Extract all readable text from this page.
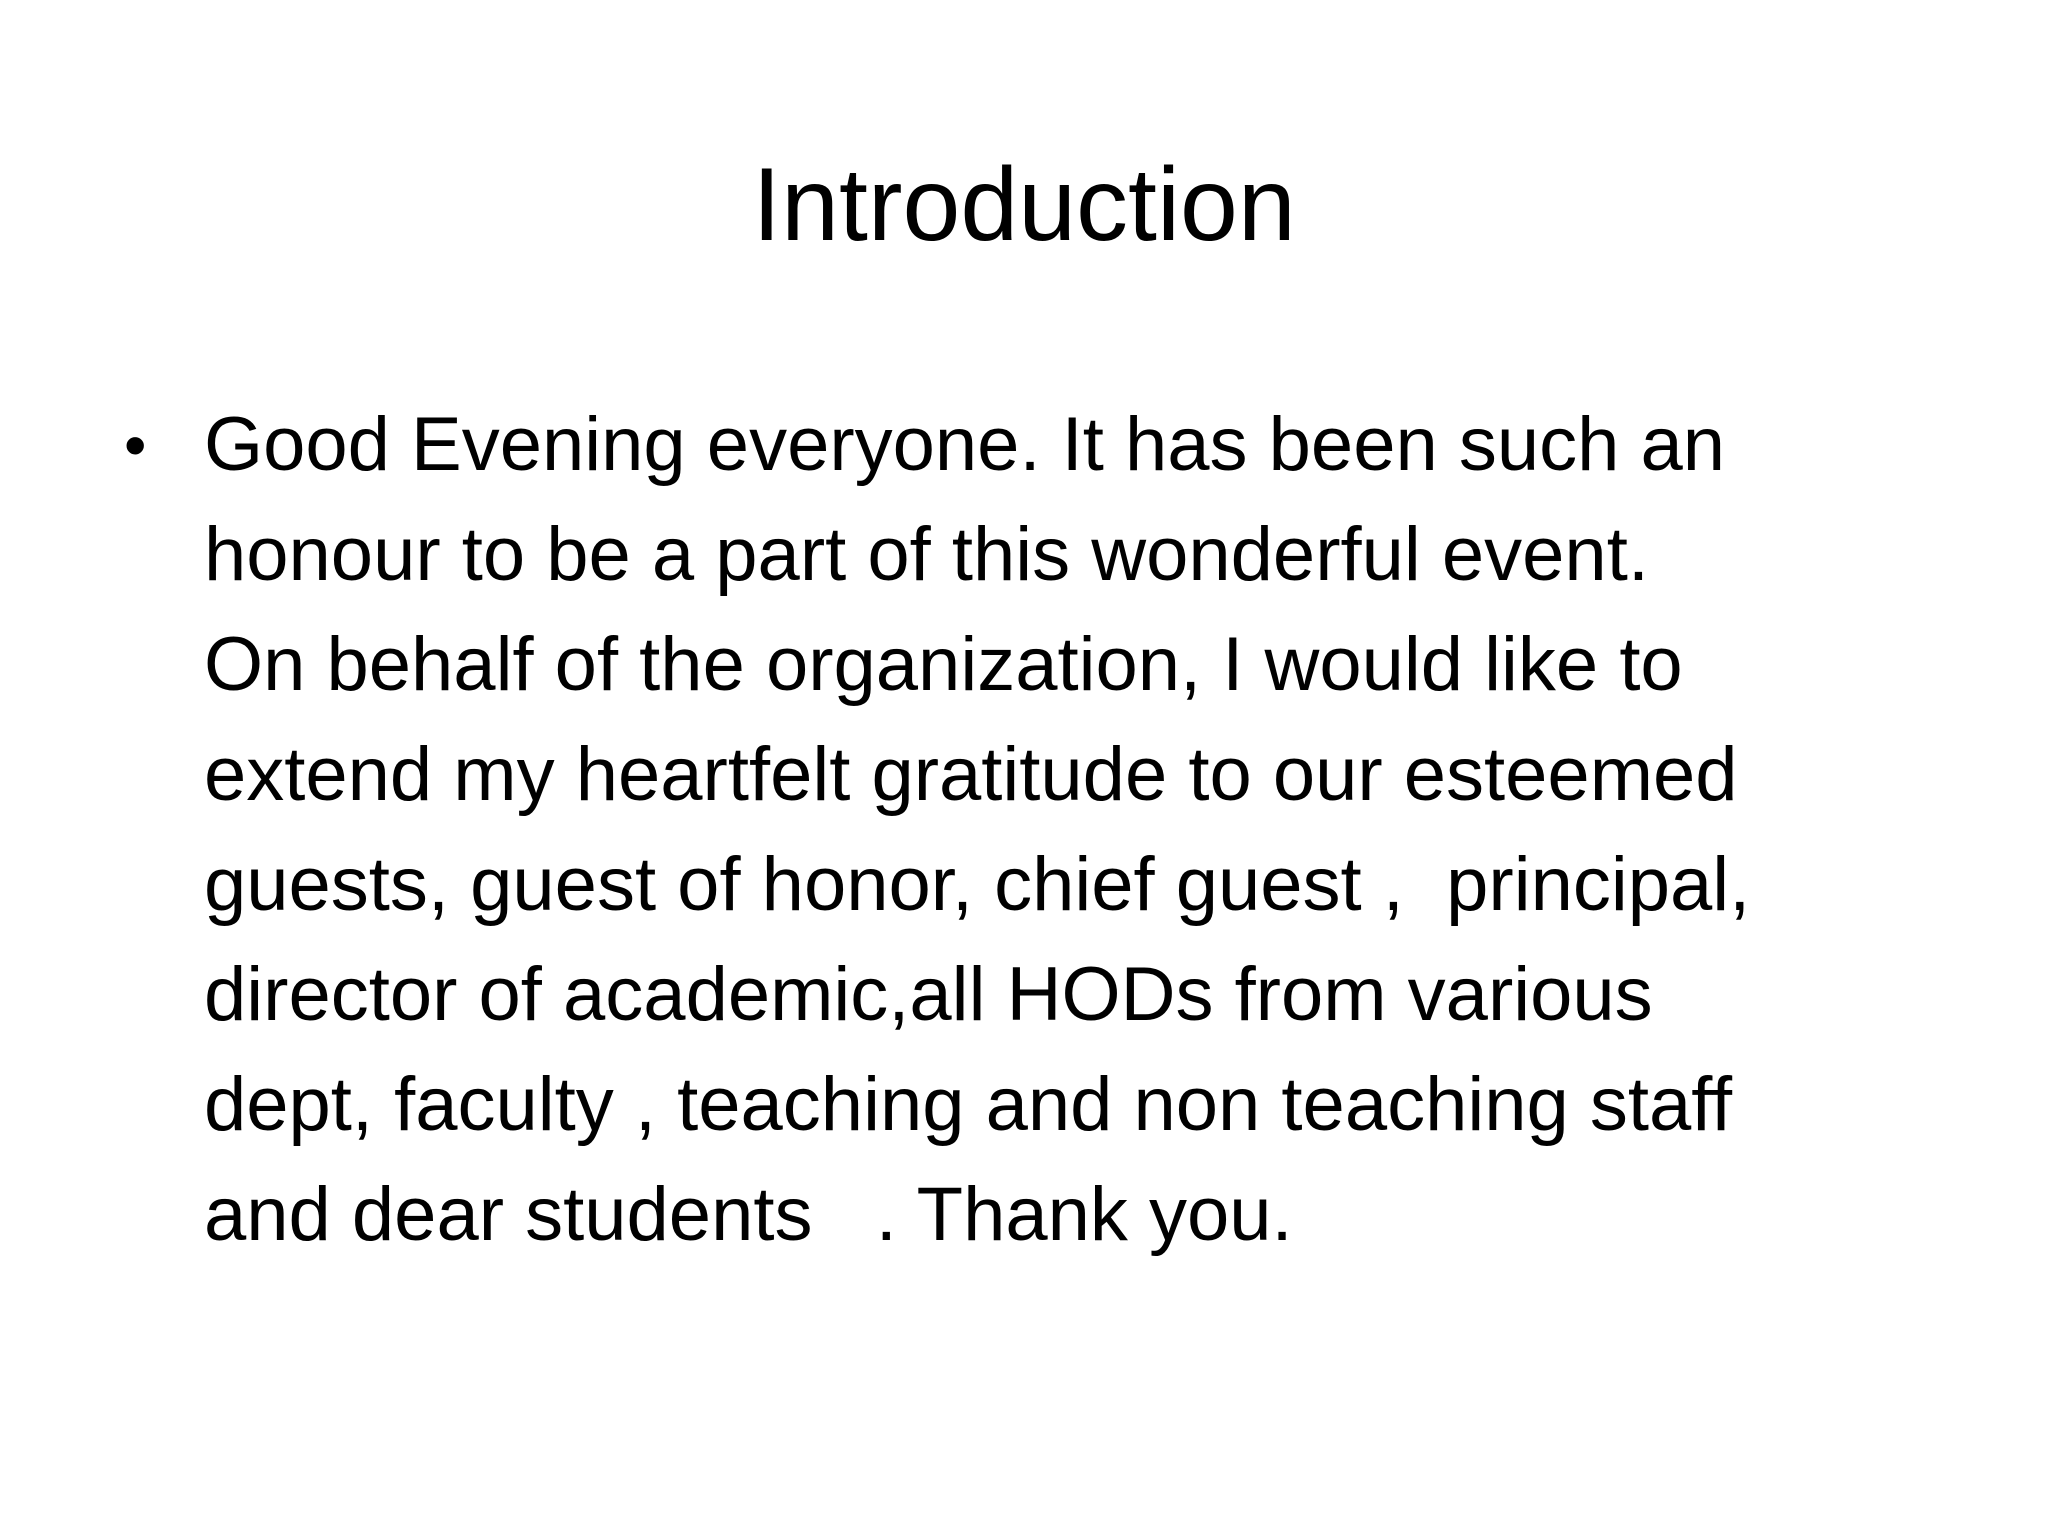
Introduction
• Good Evening everyone. It has been such an
honour to be a part of this wonderful event.
On behalf of the organization, I would like to
extend my heartfelt gratitude to our esteemed
guests, guest of honor, chief guest ,  principal,
director of academic,all HODs from various
dept, faculty , teaching and non teaching staff
and dear students   . Thank you.
